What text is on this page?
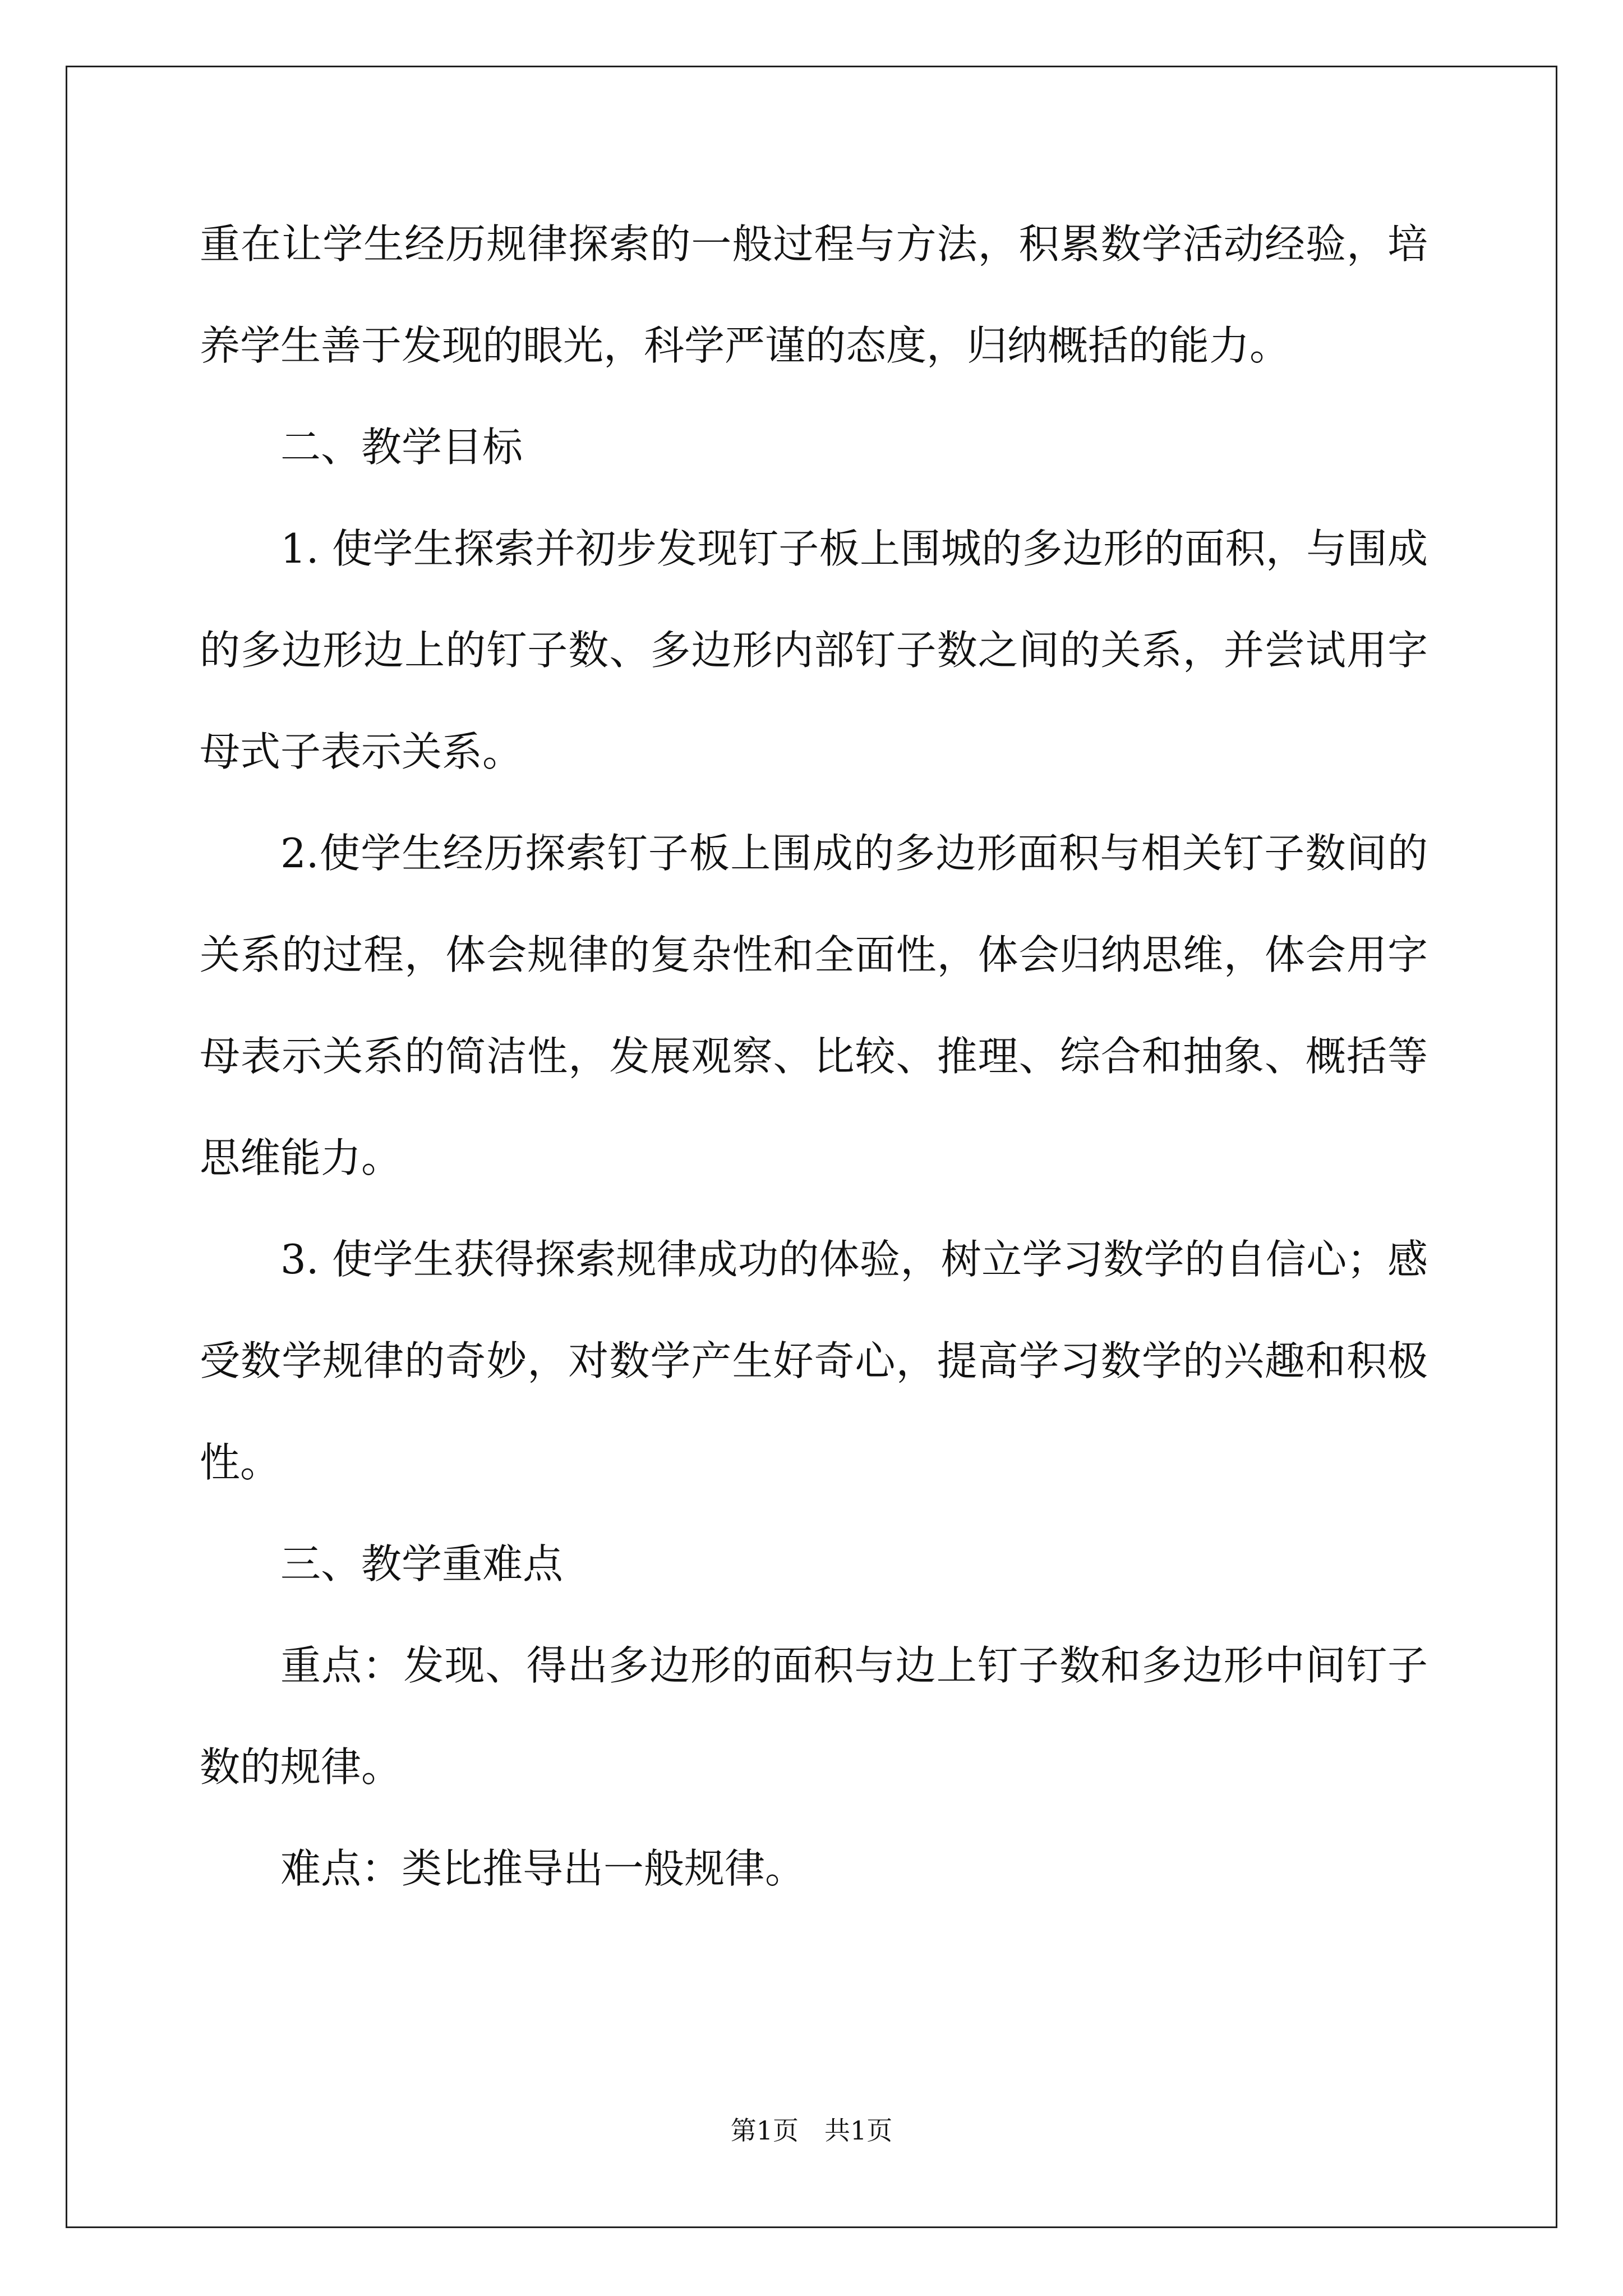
重在让学生经历规律探索的一般过程与方法，积累数学活动经验，培
养学生善于发现的眼光，科学严谨的态度，归纳概括的能力。
二、教学目标
1. 使学生探索并初步发现钉子板上围城的多边形的面积，与围成
的多边形边上的钉子数、多边形内部钉子数之间的关系，并尝试用字
母式子表示关系。
2.使学生经历探索钉子板上围成的多边形面积与相关钉子数间的
关系的过程，体会规律的复杂性和全面性，体会归纳思维，体会用字
母表示关系的简洁性，发展观察、比较、推理、综合和抽象、概括等
思维能力。
3. 使学生获得探索规律成功的体验，树立学习数学的自信心；感
受数学规律的奇妙，对数学产生好奇心，提高学习数学的兴趣和积极
性。
三、教学重难点
重点：发现、得出多边形的面积与边上钉子数和多边形中间钉子
数的规律。
难点：类比推导出一般规律。
第1页　共1页
